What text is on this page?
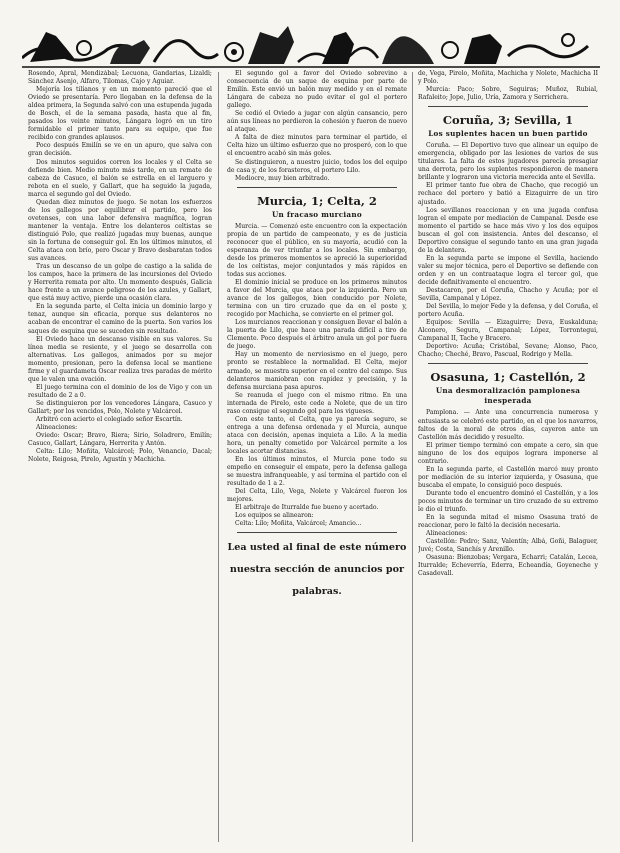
Rosendo, Apral, Mendizábal; Lecuona, Gandarias, Lizaldi; Sánchez Asenjo, Alfaro, Tilomas, Cajo y Aguiar.

Mejoría los tilíanos y en un momento pareció que el Oviedo se presentaría. Pero llegaban en la defensa de la aldea primera, la Segunda salvó con una estupenda jugada de Bosch, el de la semana pasada, hasta que al fin, pasados los veinte minutos, Lángara logró en un tiro formidable el primer tanto para su equipo, que fue recibido con grandes aplausos.

Poco después Emilín se ve en un apuro, que salva con gran decisión.

Dos minutos seguidos corren los locales y el Celta se defiende bien. Medio minuto más tarde, en un remate de cabeza de Casuco, el balón se estrella en el larguero y rebota en el suelo, y Gallart, que ha seguido la jugada, marca el segundo gol del Oviedo.

Quedan diez minutos de juego. Se notan los esfuerzos de los gallegos por equilibrar el partido, pero los ovetenses, con una labor defensiva magnífica, logran mantener la ventaja. Entre los delanteros celtistas se distinguió Polo, que realizó jugadas muy buenas, aunque sin la fortuna de conseguir gol. En los últimos minutos, el Celta ataca con brío, pero Oscar y Bravo desbaratan todos sus avances.

Tras un descanso de un golpe de castigo a la salida de los campos, hace la primera de las incursiones del Oviedo y Herrerita remata por alto. Un momento después, Galicia hace frente a un avance peligroso de los azules, y Gallart, que está muy activo, pierde una ocasión clara.

En la segunda parte, el Celta inicia un dominio largo y tenaz, aunque sin eficacia, porque sus delanteros no acaban de encontrar el camino de la puerta. Son varios los saques de esquina que se suceden sin resultado.

El Oviedo hace un descanso visible en sus valores. Su línea media se resiente, y el juego se desarrolla con alternativas. Los gallegos, animados por su mejor momento, presionan, pero la defensa local se mantiene firme y el guardameta Oscar realiza tres paradas de mérito que le valen una ovación.

El juego termina con el dominio de los de Vigo y con un resultado de 2 a 0.

Se distinguieron por los vencedores Lángara, Casuco y Gallart; por los vencidos, Polo, Nolete y Valcárcel.

Arbitró con acierto el colegiado señor Escartín.

Alineaciones:

Oviedo: Oscar; Bravo, Riera; Sirio, Soladrero, Emilín; Casuco, Gallart, Lángara, Herrerita y Antón.

Celta: Lilo; Moñita, Valcárcel; Polo, Venancio, Dacal; Nolete, Reigosa, Pirelo, Agustín y Machicha.

El segundo gol a favor del Oviedo sobrevino a consecuencia de un saque de esquina por parte de Emilín. Este envió un balón muy medido y en el remate Lángara de cabeza no pudo evitar el gol el portero gallego.

Se cedió el Oviedo a jugar con algún cansancio, pero aún sus líneas no perdieron la cohesión y fueron de nuevo al ataque.

A falta de diez minutos para terminar el partido, el Celta hizo un último esfuerzo que no prosperó, con lo que el encuentro acabó sin más goles.

Se distinguieron, a nuestro juicio, todos los del equipo de casa y, de los forasteros, el portero Lilo.

Mediocre, muy bien arbitrado.

Murcia, 1; Celta, 2
Un fracaso murciano

Murcia. — Comenzó este encuentro con la expectación propia de un partido de campeonato, y es de justicia reconocer que el público, en su mayoría, acudió con la esperanza de ver triunfar a los locales. Sin embargo, desde los primeros momentos se apreció la superioridad de los celtistas, mejor conjuntados y más rápidos en todas sus acciones.

El dominio inicial se produce en los primeros minutos a favor del Murcia, que ataca por la izquierda. Pero un avance de los gallegos, bien conducido por Nolete, termina con un tiro cruzado que da en el poste y, recogido por Machicha, se convierte en el primer gol.

Los murcianos reaccionan y consiguen llevar el balón a la puerta de Lilo, que hace una parada difícil a tiro de Clemente. Poco después el árbitro anula un gol por fuera de juego.

Hay un momento de nerviosismo en el juego, pero pronto se restablece la normalidad. El Celta, mejor armado, se muestra superior en el centro del campo. Sus delanteros maniobran con rapidez y precisión, y la defensa murciana pasa apuros.

Se reanuda el juego con el mismo ritmo. En una internada de Pirelo, este cede a Nolete, que de un tiro raso consigue el segundo gol para los vigueses.

Con este tanto, el Celta, que ya parecía seguro, se entrega a una defensa ordenada y el Murcia, aunque ataca con decisión, apenas inquieta a Lilo. A la media hora, un penalty cometido por Valcárcel permite a los locales acortar distancias.

En los últimos minutos, el Murcia pone todo su empeño en conseguir el empate, pero la defensa gallega se muestra infranqueable, y así termina el partido con el resultado de 1 a 2.

Del Celta, Lilo, Vega, Nolete y Valcárcel fueron los mejores.

El arbitraje de Iturralde fue bueno y acertado.

Los equipos se alinearon:

Celta: Lilo; Moñita, Valcárcel; Amancio...

Lea usted al final de este número nuestra sección de anuncios por palabras.

de, Vega, Pirelo, Moñita, Machicha y Nolete, Machicha II y Polo.

Murcia: Paco; Sobre, Seguiras; Muñoz, Rubial, Rafaleito; Jope, Julio, Uría, Zamora y Serrichera.

Coruña, 3; Sevilla, 1
Los suplentes hacen un buen partido

Coruña. — El Deportivo tuvo que alinear un equipo de emergencia, obligado por las lesiones de varios de sus titulares. La falta de estos jugadores parecía presagiar una derrota, pero los suplentes respondieron de manera brillante y lograron una victoria merecida ante el Sevilla.

El primer tanto fue obra de Chacho, que recogió un rechace del portero y batió a Eizaguirre de un tiro ajustado.

Los sevillanos reaccionan y en una jugada confusa logran el empate por mediación de Campanal. Desde ese momento el partido se hace más vivo y los dos equipos buscan el gol con insistencia. Antes del descanso, el Deportivo consigue el segundo tanto en una gran jugada de la delantera.

En la segunda parte se impone el Sevilla, haciendo valer su mejor técnica, pero el Deportivo se defiende con orden y en un contraataque logra el tercer gol, que decide definitivamente el encuentro.

Destacaron, por el Coruña, Chacho y Acuña; por el Sevilla, Campanal y López.

Del Sevilla, lo mejor Fede y la defensa, y del Coruña, el portero Acuña.

Equipos: Sevilla — Eizaguirre; Deva, Euskalduna; Alconero, Segura, Campanal; López, Torrontegui, Campanal II, Tache y Bracero.

Deportivo: Acuña; Cristóbal, Sevane; Alonso, Paco, Chacho; Cheché, Bravo, Pascual, Rodrigo y Mella.

Osasuna, 1; Castellón, 2
Una desmoralización pamplonesa inesperada

Pamplona. — Ante una concurrencia numerosa y entusiasta se celebró este partido, en el que los navarros, faltos de la moral de otros días, cayeron ante un Castellón más decidido y resuelto.

El primer tiempo terminó con empate a cero, sin que ninguno de los dos equipos lograra imponerse al contrario.

En la segunda parte, el Castellón marcó muy pronto por mediación de su interior izquierda, y Osasuna, que buscaba el empate, lo consiguió poco después.

Durante todo el encuentro dominó el Castellón, y a los pocos minutos de terminar un tiro cruzado de su extremo le dio el triunfo.

En la segunda mitad el mismo Osasuna trató de reaccionar, pero le faltó la decisión necesaria.

Alineaciones:

Castellón: Pedro; Sanz, Valentín; Albá, Goñi, Balaguer, Juvé; Costa, Sanchís y Arenillo.

Osasuna: Bienzobas; Vergara, Echarri; Catalán, Lecea, Iturralde; Echeverría, Ederra, Echeandía, Goyeneche y Casadevall.
